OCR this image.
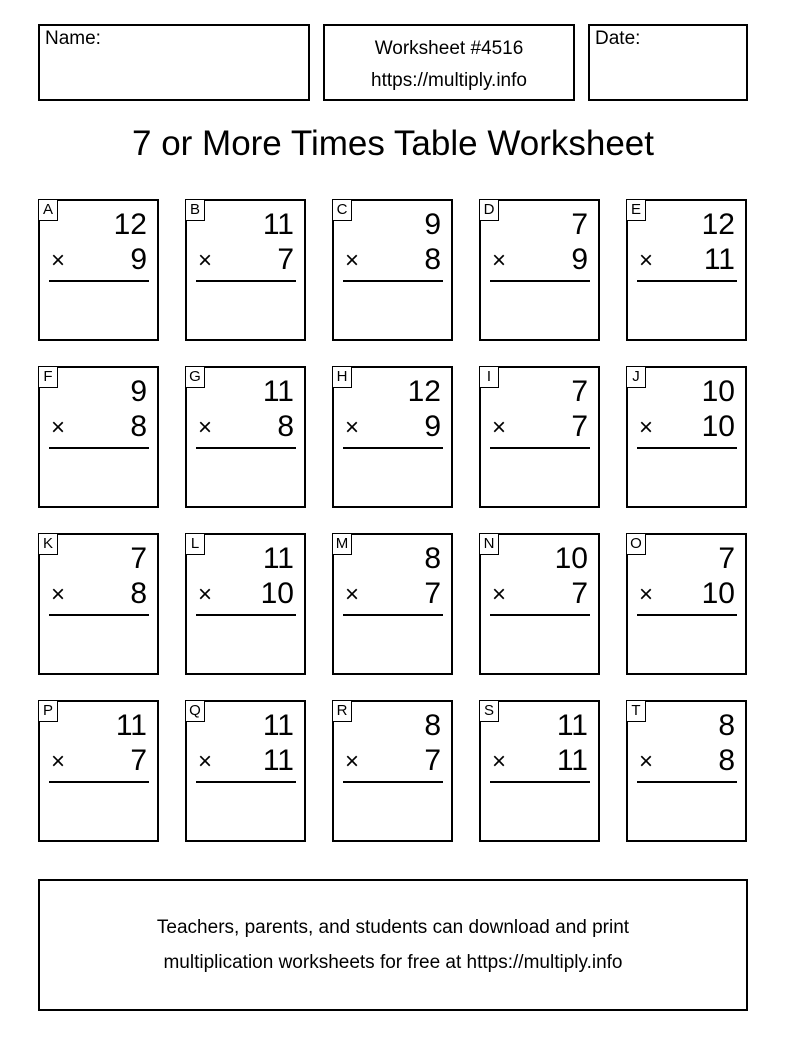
Name:	Worksheet #4516
https://multiply.info
Date:
7 or More Times Table Worksheet
A 12
× 9
B 11
× 7
C	9
× 8
D	7
× 9
E 12
× 11
F	9
× 8
G 11
× 8
H 12
× 9
I	7
× 7
J 10
× 10
K	7
× 8
L 11
× 10
M	8
× 7
N 10
× 7
O	7
× 10
P 11
× 7
Q 11
× 11
R	8
× 7
S 11
× 11
T	8
× 8
Teachers, parents, and students can download and print
multiplication worksheets for free at https://multiply.info
